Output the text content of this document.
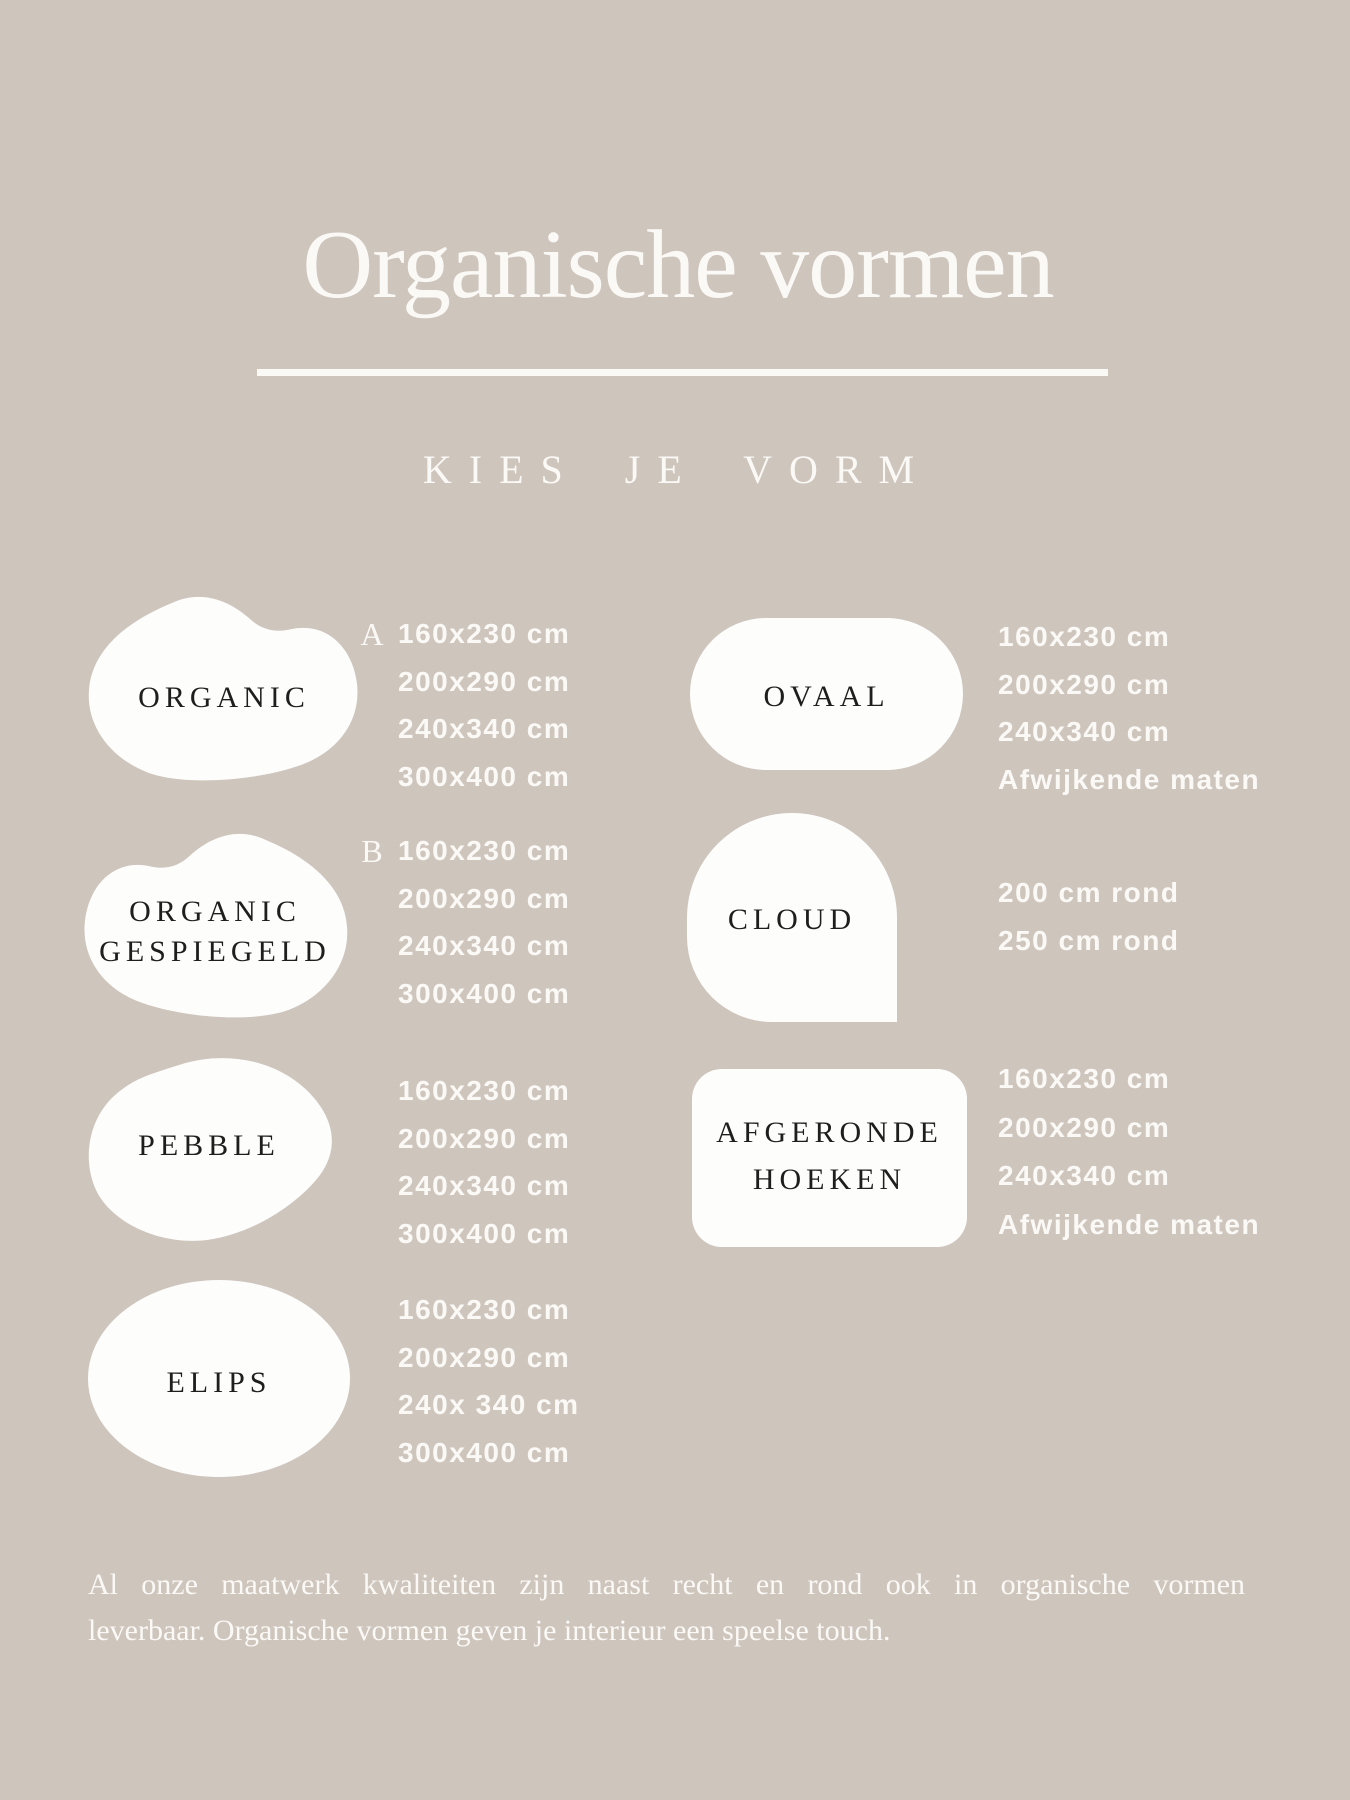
Organische vormen
KIES JE VORM
ORGANIC
A 160x230 cm
200x290 cm
240x340 cm
300x400 cm
OVAAL
160x230 cm
200x290 cm
240x340 cm
Afwijkende maten
ORGANIC
GESPIEGELD
B 160x230 cm
200x290 cm
240x340 cm
300x400 cm
CLOUD
200 cm rond
250 cm rond
PEBBLE
160x230 cm
200x290 cm
240x340 cm
300x400 cm
AFGERONDE
HOEKEN
160x230 cm
200x290 cm
240x340 cm
Afwijkende maten
ELIPS
160x230 cm
200x290 cm
240x 340 cm
300x400 cm
Al onze maatwerk kwaliteiten zijn naast recht en rond ook in organische vormen
leverbaar. Organische vormen geven je interieur een speelse touch.
